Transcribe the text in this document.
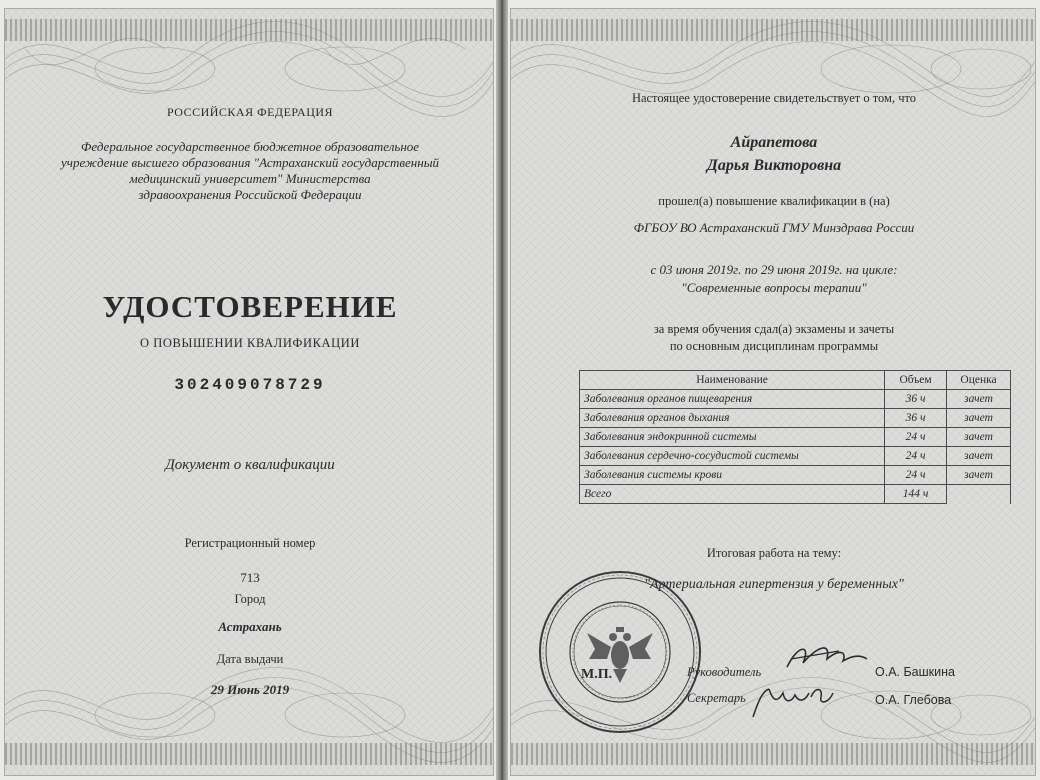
РОССИЙСКАЯ ФЕДЕРАЦИЯ
Федеральное государственное бюджетное образовательное
учреждение высшего образования "Астраханский государственный
медицинский университет" Министерства
здравоохранения Российской Федерации
УДОСТОВЕРЕНИЕ
О ПОВЫШЕНИИ КВАЛИФИКАЦИИ
302409078729
Документ о квалификации
Регистрационный номер
713
Город
Астрахань
Дата выдачи
29 Июнь 2019
Настоящее удостоверение свидетельствует о том, что
Айрапетова
Дарья Викторовна
прошел(а) повышение квалификации в (на)
ФГБОУ ВО Астраханский ГМУ Минздрава России
с 03 июня 2019г. по 29 июня 2019г. на цикле:
"Современные вопросы терапии"
за время обучения сдал(а) экзамены и зачеты
по основным дисциплинам программы
Наименование	Объем	Оценка
Заболевания органов пищеварения	36 ч	зачет
Заболевания органов дыхания	36 ч	зачет
Заболевания эндокринной системы	24 ч	зачет
Заболевания сердечно-сосудистой системы	24 ч	зачет
Заболевания системы крови	24 ч	зачет
Всего	144 ч	
Итоговая работа на тему:
"Артериальная гипертензия у беременных"
М.П.	Руководитель	О.А. Башкина
Секретарь	О.А. Глебова
